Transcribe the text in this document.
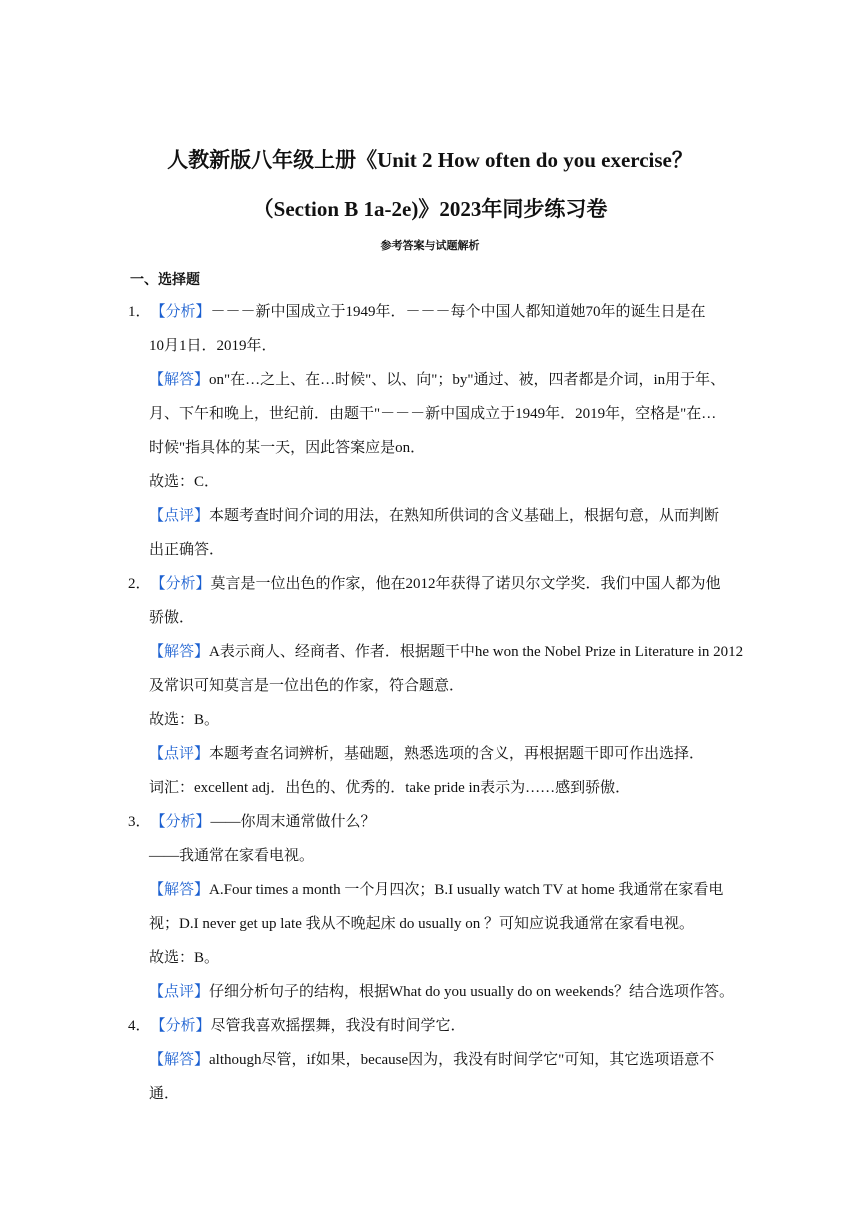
人教新版八年级上册《Unit 2 How often do you exercise？
（Section B 1a-2e)》2023年同步练习卷
参考答案与试题解析
一、选择题
1．【分析】－－－新中国成立于1949年．－－－每个中国人都知道她70年的诞生日是在
10月1日．2019年．
【解答】on"在…之上、在…时候"、以、向"；by"通过、被，四者都是介词，in用于年、
月、下午和晚上，世纪前．由题干"－－－新中国成立于1949年．2019年，空格是"在…
时候"指具体的某一天，因此答案应是on．
故选：C．
【点评】本题考查时间介词的用法，在熟知所供词的含义基础上，根据句意，从而判断
出正确答．
2．【分析】莫言是一位出色的作家，他在2012年获得了诺贝尔文学奖．我们中国人都为他
骄傲．
【解答】A表示商人、经商者、作者．根据题干中he won the Nobel Prize in Literature in 2012
及常识可知莫言是一位出色的作家，符合题意．
故选：B。
【点评】本题考查名词辨析，基础题，熟悉选项的含义，再根据题干即可作出选择．
词汇：excellent adj．出色的、优秀的．take pride in表示为……感到骄傲．
3．【分析】——你周末通常做什么？
——我通常在家看电视。
【解答】A.Four times a month 一个月四次；B.I usually watch TV at home 我通常在家看电
视；D.I never get up late 我从不晚起床 do usually on ？可知应说我通常在家看电视。
故选：B。
【点评】仔细分析句子的结构，根据What do you usually do on weekends？结合选项作答。
4．【分析】尽管我喜欢摇摆舞，我没有时间学它．
【解答】although尽管，if如果，because因为，我没有时间学它"可知，其它选项语意不
通．
